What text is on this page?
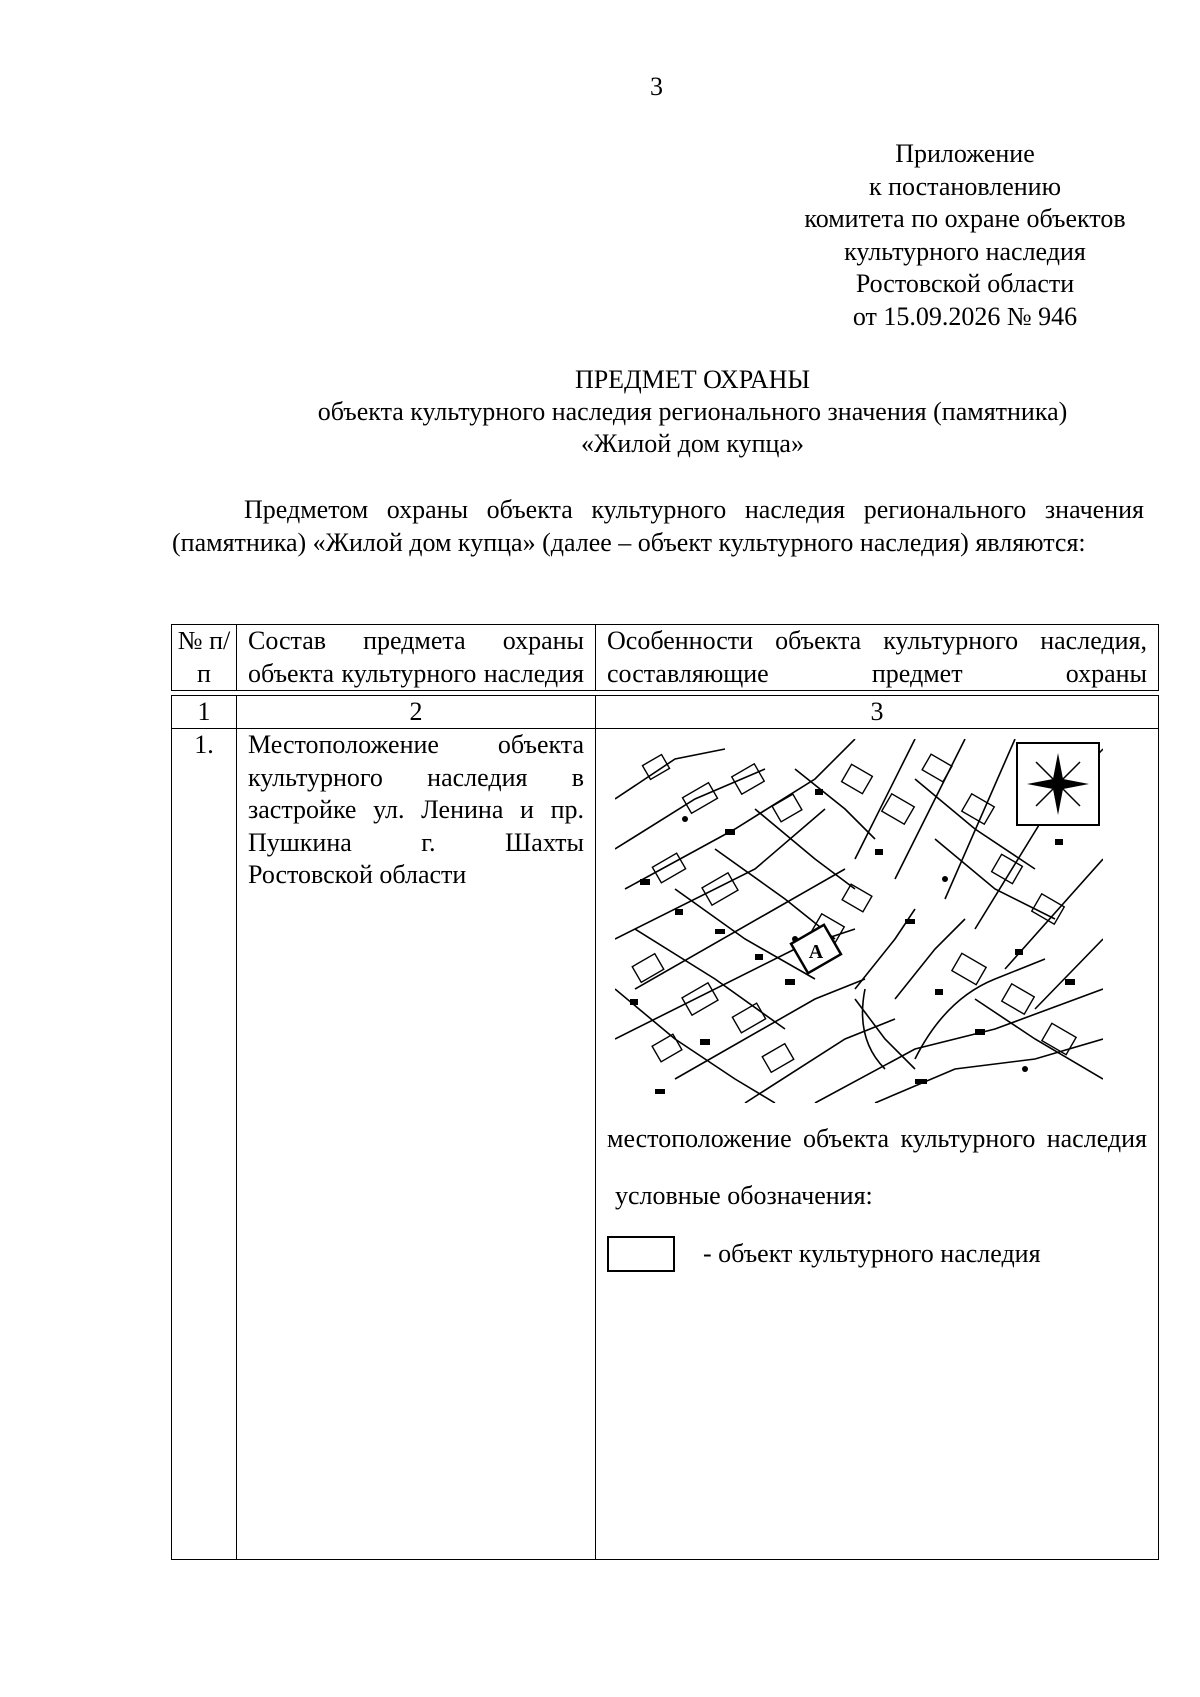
3
Приложение
к постановлению
комитета по охране объектов
культурного наследия
Ростовской области
от 15.09.2026 № 946
ПРЕДМЕТ ОХРАНЫ
объекта культурного наследия регионального значения (памятника)
«Жилой дом купца»

Предметом охраны объекта культурного наследия регионального значения (памятника) «Жилой дом купца» (далее – объект культурного наследия) являются:

№ п/п	Состав предмета охраны объекта культурного наследия	Особенности объекта культурного наследия, составляющие предмет охраны
1	2	3
1.	Местоположение объекта культурного наследия в застройке ул. Ленина и пр. Пушкина г. Шахты Ростовской области	А
местоположение объекта культурного наследия
условные обозначения:
- объект культурного наследия
